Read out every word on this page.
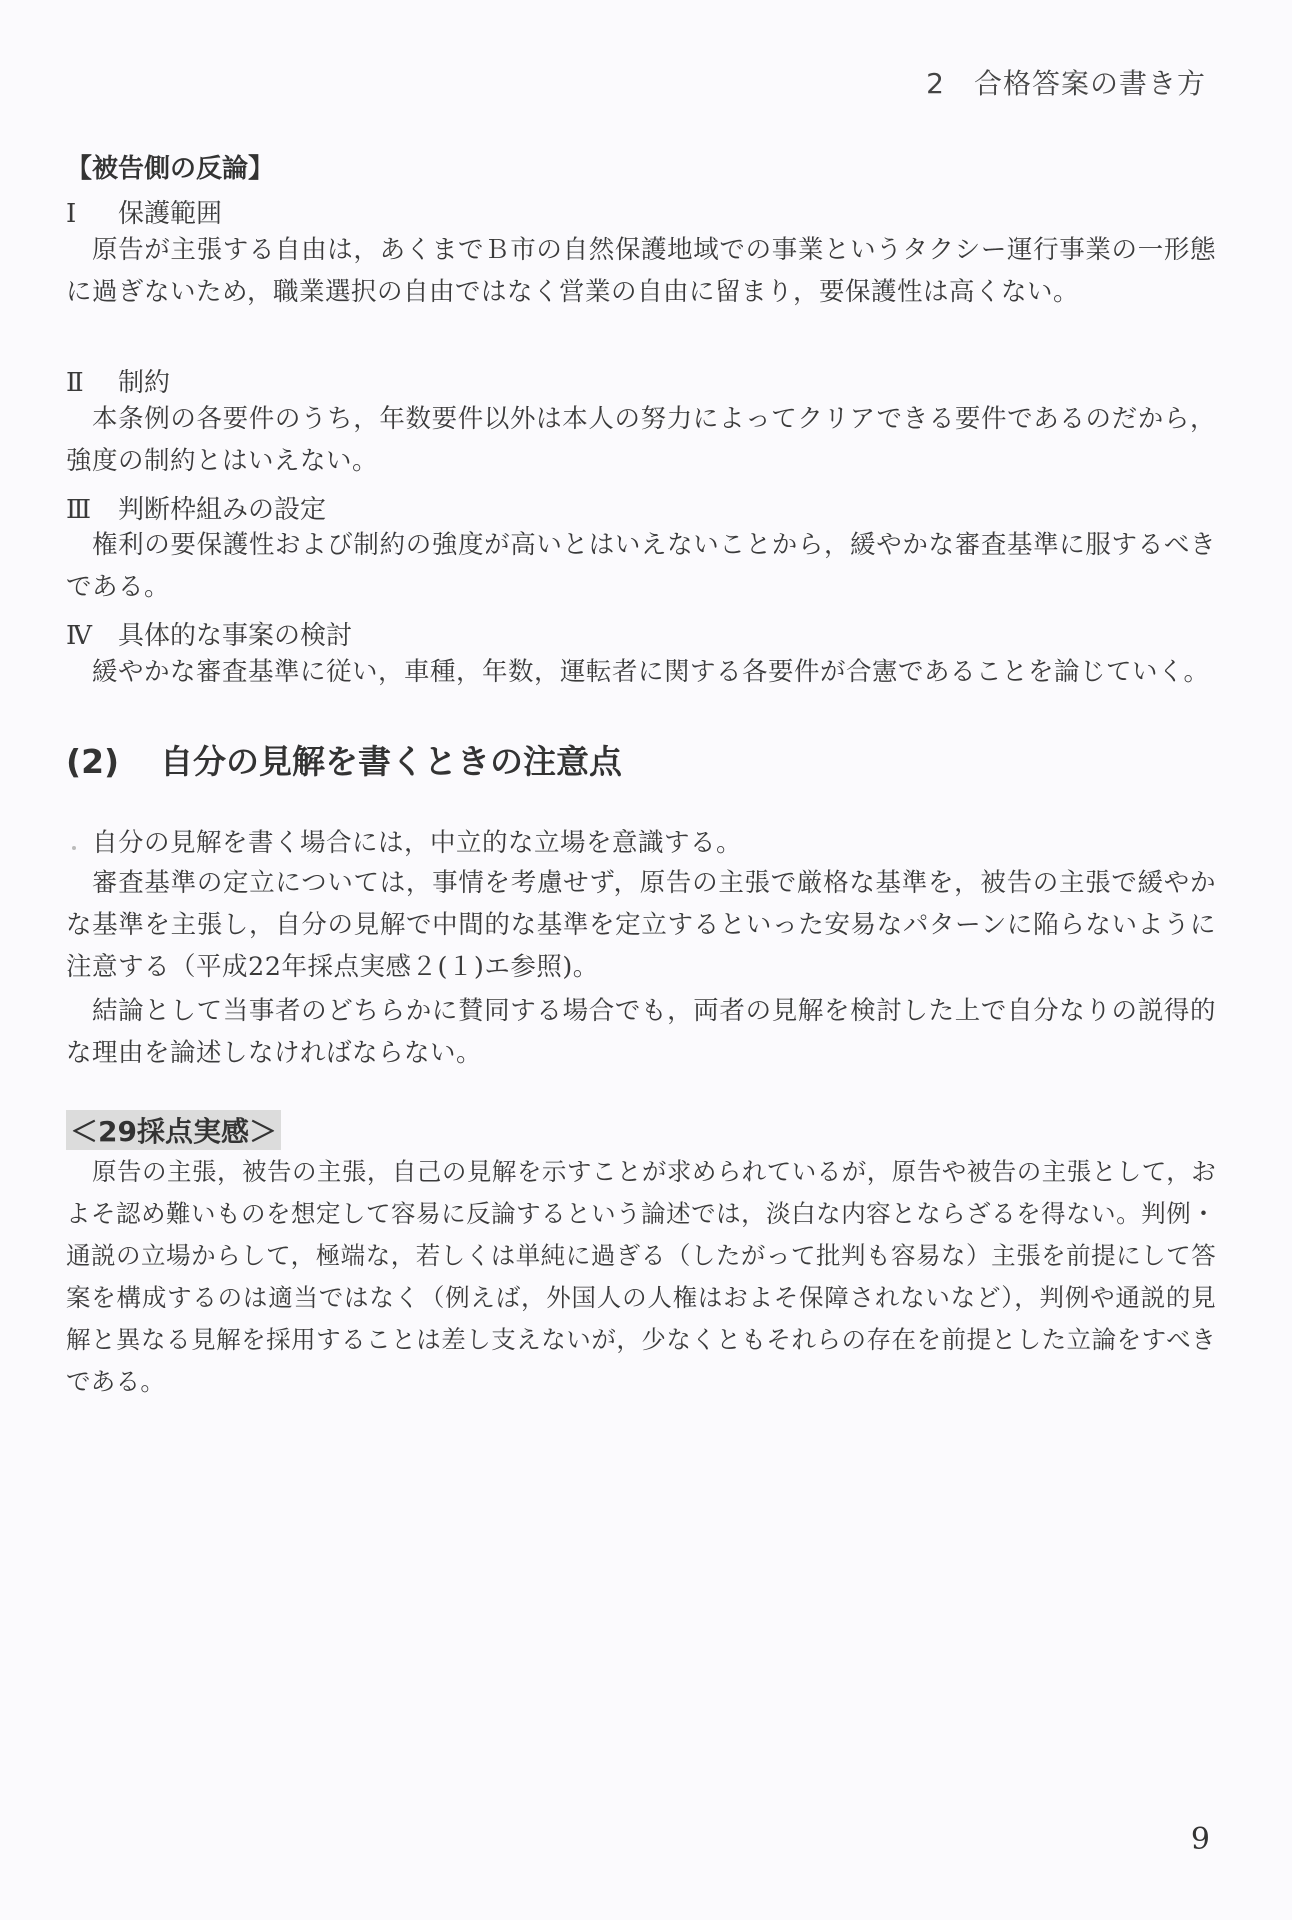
2　合格答案の書き方
【被告側の反論】
Ⅰ 保護範囲
原告が主張する自由は，あくまでＢ市の自然保護地域での事業というタクシー運行事業の一形態に過ぎないため，職業選択の自由ではなく営業の自由に留まり，要保護性は高くない。
Ⅱ 制約
本条例の各要件のうち，年数要件以外は本人の努力によってクリアできる要件であるのだから，強度の制約とはいえない。
Ⅲ 判断枠組みの設定
権利の要保護性および制約の強度が高いとはいえないことから，緩やかな審査基準に服するべきである。
Ⅳ 具体的な事案の検討
緩やかな審査基準に従い，車種，年数，運転者に関する各要件が合憲であることを論じていく。
(2) 自分の見解を書くときの注意点
自分の見解を書く場合には，中立的な立場を意識する。
審査基準の定立については，事情を考慮せず，原告の主張で厳格な基準を，被告の主張で緩やかな基準を主張し，自分の見解で中間的な基準を定立するといった安易なパターンに陥らないように注意する（平成22年採点実感２(１)エ参照)。
結論として当事者のどちらかに賛同する場合でも，両者の見解を検討した上で自分なりの説得的な理由を論述しなければならない。
＜29採点実感＞
原告の主張，被告の主張，自己の見解を示すことが求められているが，原告や被告の主張として，およそ認め難いものを想定して容易に反論するという論述では，淡白な内容とならざるを得ない。判例・通説の立場からして，極端な，若しくは単純に過ぎる（したがって批判も容易な）主張を前提にして答案を構成するのは適当ではなく（例えば，外国人の人権はおよそ保障されないなど），判例や通説的見解と異なる見解を採用することは差し支えないが，少なくともそれらの存在を前提とした立論をすべきである。
9
